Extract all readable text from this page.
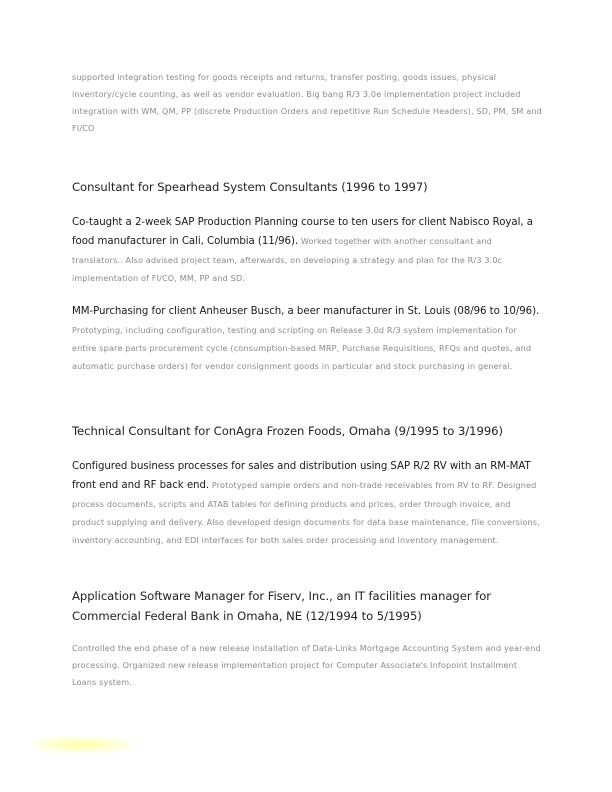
supported integration testing for goods receipts and returns, transfer posting, goods issues, physical inventory/cycle counting, as well as vendor evaluation. Big bang R/3 3.0e implementation project included integration with WM, QM, PP (discrete Production Orders and repetitive Run Schedule Headers), SD, PM, SM and FI/CO

Consultant for Spearhead System Consultants (1996 to 1997)

Co-taught a 2-week SAP Production Planning course to ten users for client Nabisco Royal, a food manufacturer in Cali, Columbia (11/96). Worked together with another consultant and translators.. Also advised project team, afterwards, on developing a strategy and plan for the R/3 3.0c implementation of FI/CO, MM, PP and SD.

MM-Purchasing for client Anheuser Busch, a beer manufacturer in St. Louis (08/96 to 10/96). Prototyping, including configuration, testing and scripting on Release 3.0d R/3 system implementation for entire spare parts procurement cycle (consumption-based MRP, Purchase Requisitions, RFQs and quotes, and automatic purchase orders) for vendor consignment goods in particular and stock purchasing in general.

Technical Consultant for ConAgra Frozen Foods, Omaha (9/1995 to 3/1996)

Configured business processes for sales and distribution using SAP R/2 RV with an RM-MAT front end and RF back end. Prototyped sample orders and non-trade receivables from RV to RF. Designed process documents, scripts and ATAB tables for defining products and prices, order through invoice, and product supplying and delivery. Also developed design documents for data base maintenance, file conversions, inventory accounting, and EDI interfaces for both sales order processing and inventory management.

Application Software Manager for Fiserv, Inc., an IT facilities manager for Commercial Federal Bank in Omaha, NE (12/1994 to 5/1995)

Controlled the end phase of a new release installation of Data-Links Mortgage Accounting System and year-end processing. Organized new release implementation project for Computer Associate's Infopoint Installment Loans system.
